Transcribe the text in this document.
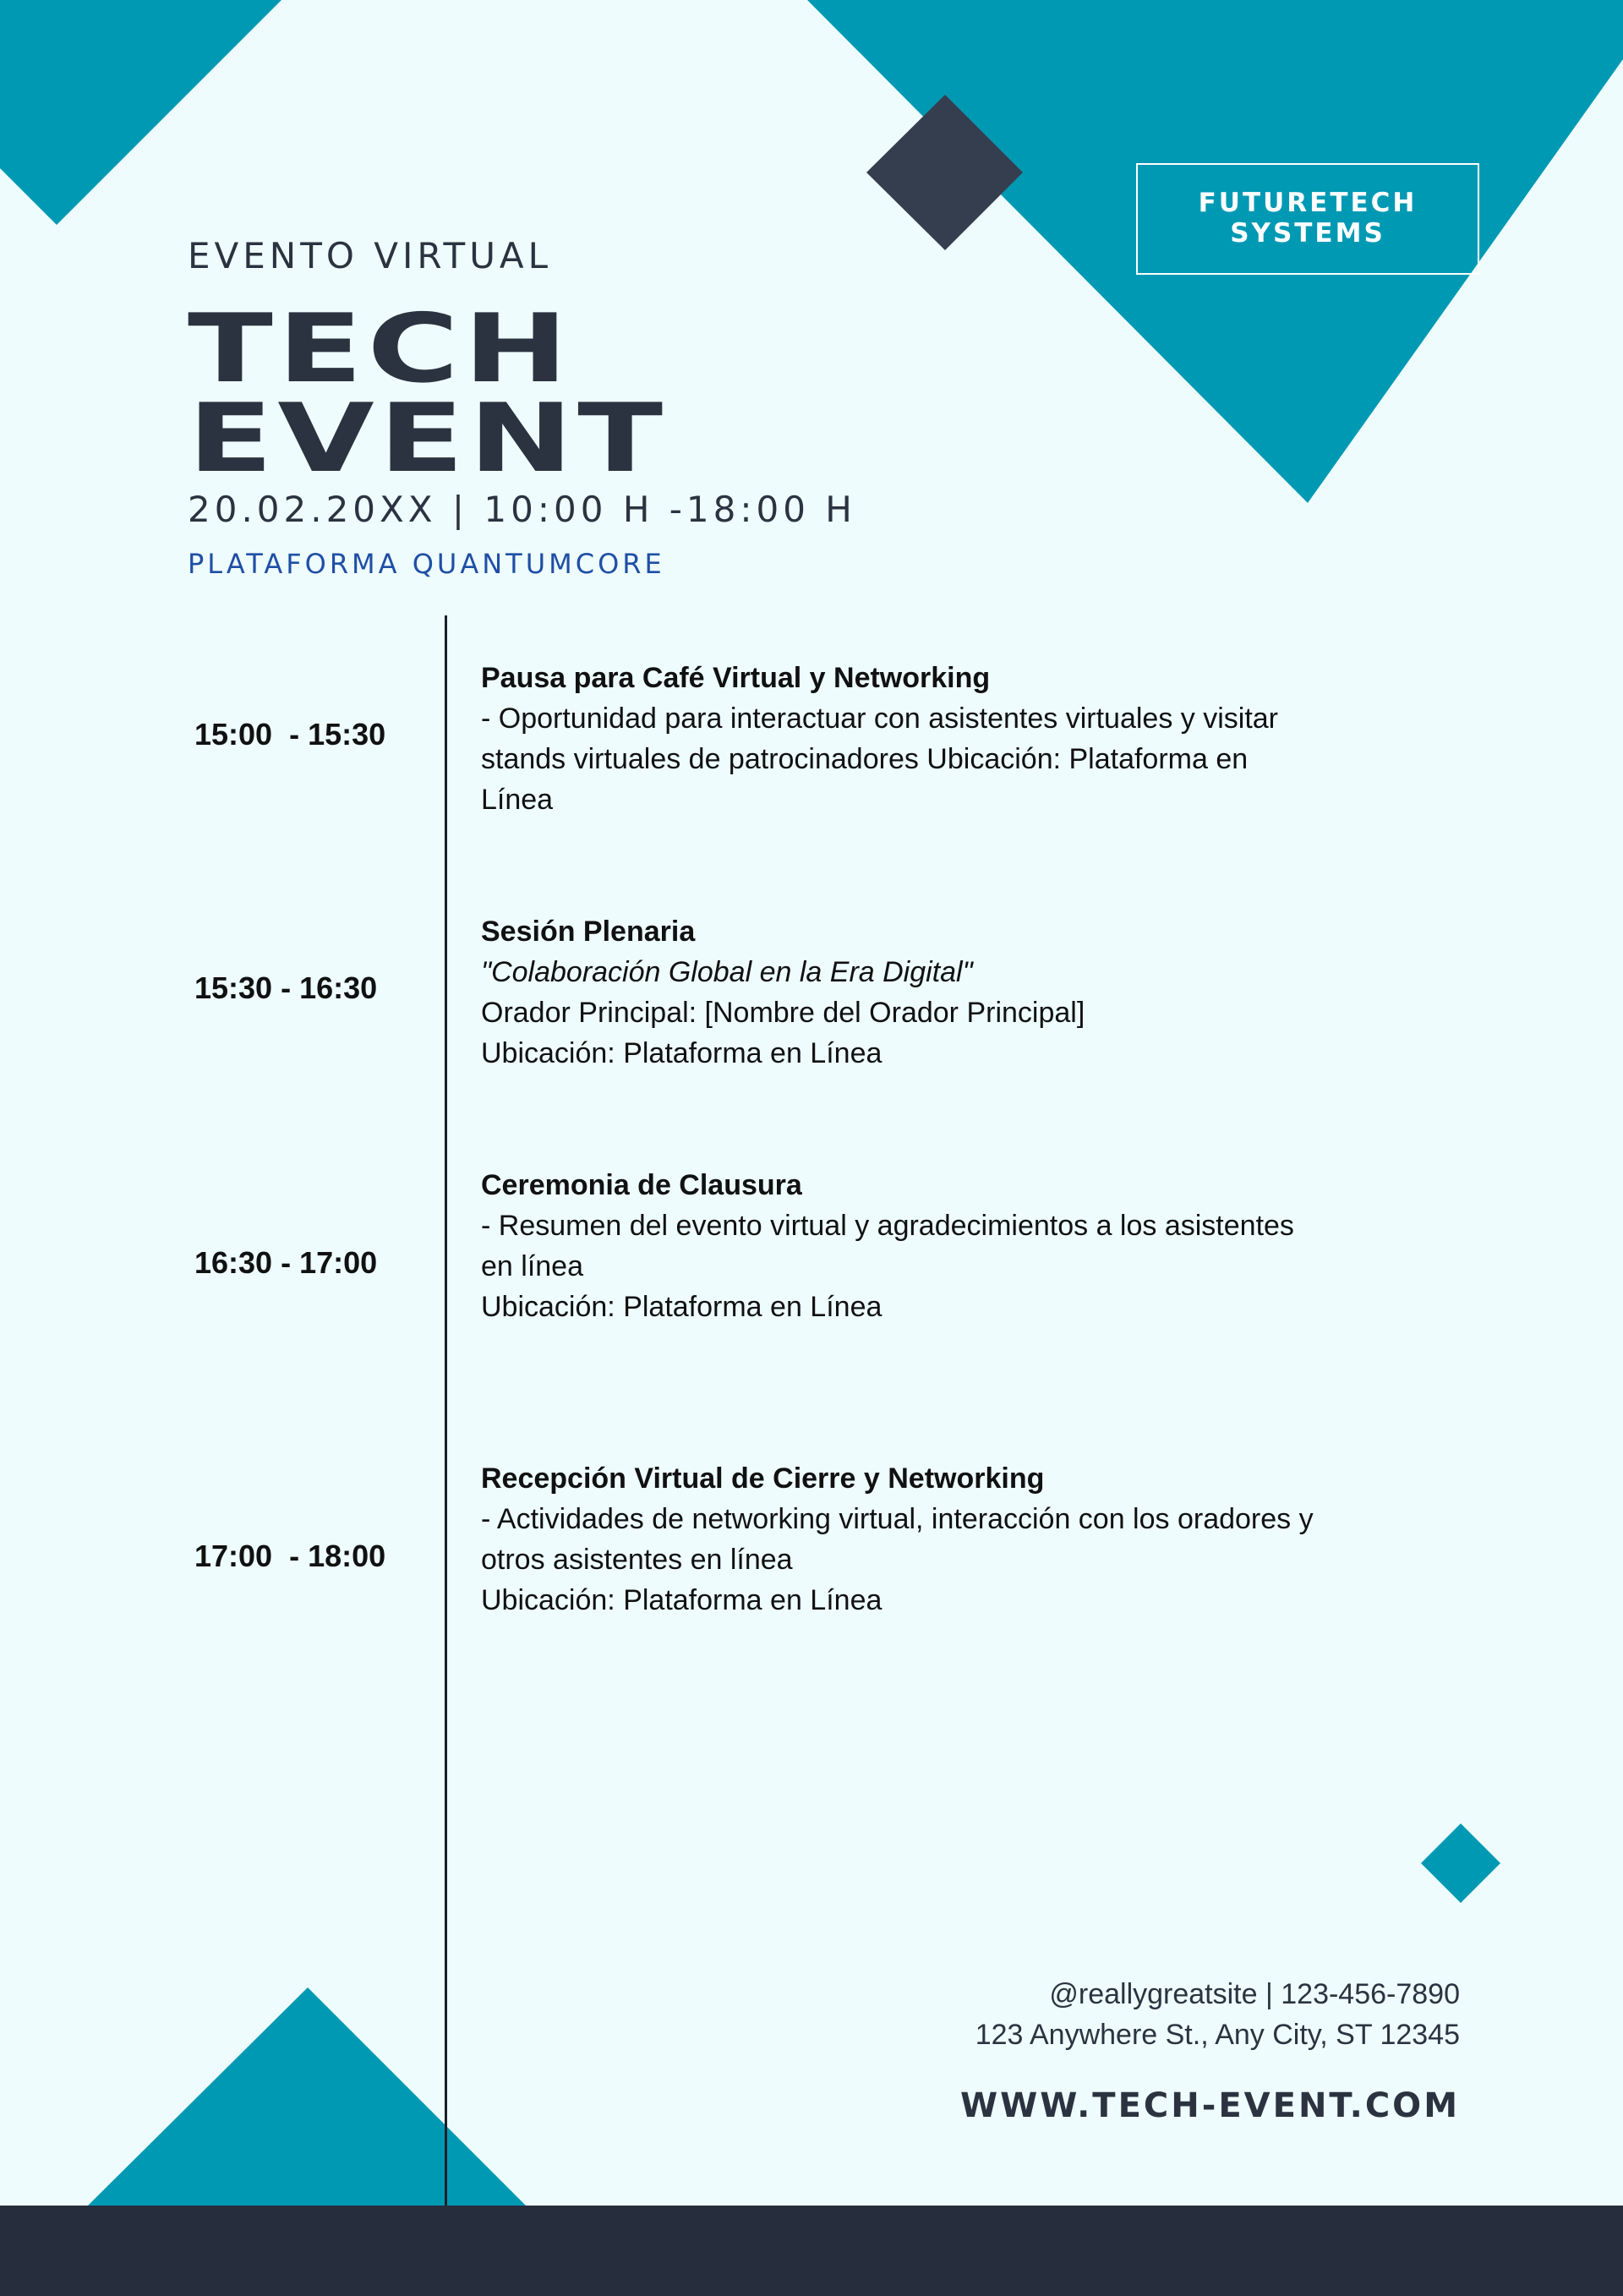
FUTURETECH
SYSTEMS

EVENTO VIRTUAL

TECH
EVENT

20.02.20XX | 10:00 H -18:00 H

PLATAFORMA QUANTUMCORE

15:00  - 15:30
Pausa para Café Virtual y Networking
- Oportunidad para interactuar con asistentes virtuales y visitar
stands virtuales de patrocinadores Ubicación: Plataforma en
Línea
15:30 - 16:30
Sesión Plenaria
"Colaboración Global en la Era Digital"
Orador Principal: [Nombre del Orador Principal]
Ubicación: Plataforma en Línea
16:30 - 17:00
Ceremonia de Clausura
- Resumen del evento virtual y agradecimientos a los asistentes
en línea
Ubicación: Plataforma en Línea
17:00  - 18:00
Recepción Virtual de Cierre y Networking
- Actividades de networking virtual, interacción con los oradores y
otros asistentes en línea
Ubicación: Plataforma en Línea

@reallygreatsite | 123-456-7890

123 Anywhere St., Any City, ST 12345

WWW.TECH-EVENT.COM
